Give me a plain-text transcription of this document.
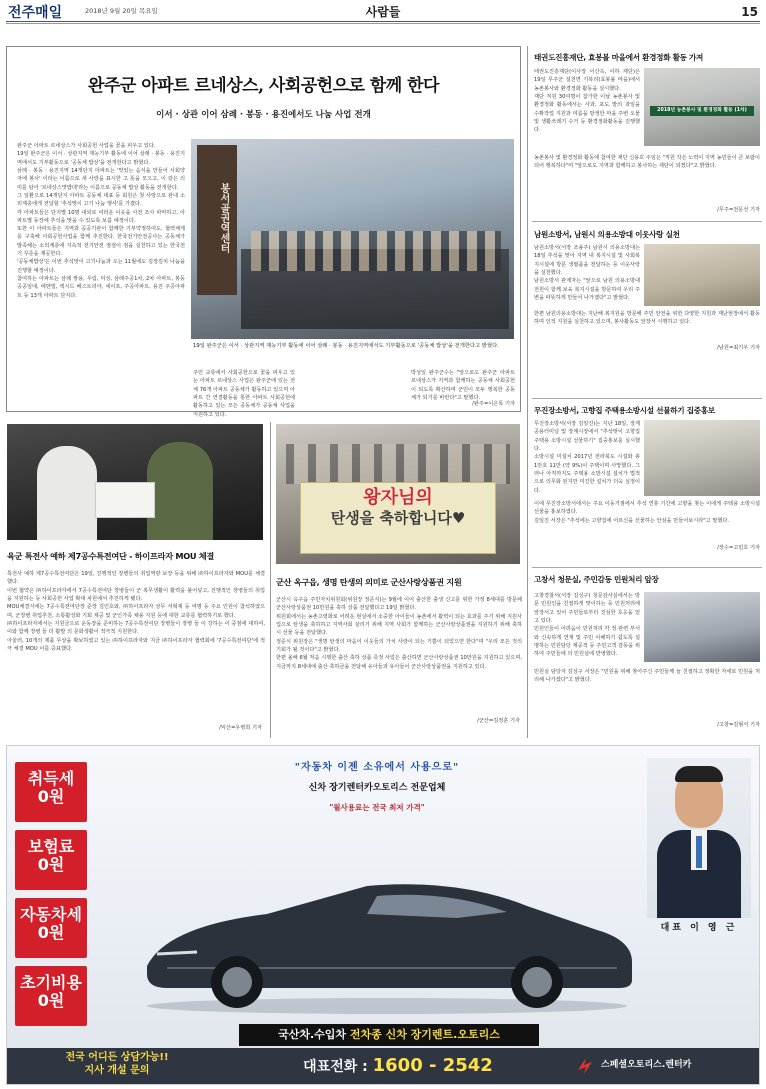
전주매일	2018년 9월 20일 목요일	사람들	15
완주군 아파트 르네상스, 사회공헌으로 함께 한다
이서 · 상관 이어 삼례 · 봉동 · 용진에서도 나눔 사업 전개

완주군 아파트 르네상스가 사회공헌 사업을 꽃을 피우고 있다.

19일 완주군은 이서 · 상관지역 재능기부 활동에 이어 삼례 · 봉동 · 용진지역에서도 기부활동으로 '공동체 밥상'을 전개한다고 밝혔다.

삼례 · 봉동 · 용진지역 14개단지 아파트는 '맛있는 음식을 만들어 사회약자에 봉사' 이라는 이름으로 새 사랑을 표시한 고 뜻을 모으고, 이 같은 의미를 담아 '르네상스맛밥데'라는 이름으로 공동체 밥상 활동을 전개한다.

그 일환으로 14개단지 아파트 공동체 대표 등 회원은 첫 사랑으로 관내 소외계층에게 전달할 '추석맞이 고기 나눔 행사'를 가졌다.

각 아파트들은 단지별 10명 내외로 여러운 이웃을 사전 조사 파악하고, 아파트별 동장에 추석을 맞을 수 있도록 보름 예정이다.

또한 이 아파트들은 지역과 공공기관이 함께한 기부약정하여도, 협력체계를 구축해 사회공헌사업을 함께 추진한다. 한국전기안전공사는 공동체가 발족해는 소외계층에 지속적 전기안전 점검이 점을 실천하고 있는 한국전기 꾸준을 제공한다.

'공동체밥상'은 이번 추석맞이 고기나눔과 오는 11월에도 김장김치 나눔을 진행할 예정이다.

참여하는 아파트는 삼례 쌍용, 우림, 미성, 삼례주공1차, 2차 아파트, 봉동 공공임대, 에덴빌, 엑시드 베스트리아, 세이프, 주공아파트, 용진 주공아파트 등 13개 아파트 단지다.

봉서골권역센터
19일 완주군은 이서 · 상관지역 재능기부 활동에 이어 삼례 · 봉동 · 용진지역에서도 기부활동으로 '공동체 밥상'을 전개한다고 밝혔다.

주민 교류에서 사회공헌으로 꽃을 피우고 있는 아파트 르네상스 사업은 완주군에 있는 전체 76개 아파트 공동체가 활동하고 있으며 아파트 간 연결활동을 통한 아파트 사회공헌에 활동하고 있는 모든 공동체가 공동체 사업을 지원하고 있다.

박성일 완주군수는 "앞으로도 완주군 아파트 르네상스가 지역과 함께하는 공동체 사회공헌이 되도록 확산하며 군민이 모두 행복한 공동체가 되기를 바란다"고 말했다.

/완주=이은목 기자
태권도진흥재단, 효봉볼 마을에서 환경정화 활동 가져
2018년 농촌봉사 및 환경정화 활동 (1차)

태권도진흥재단(이사장 이산옥, 이하 재단)은 19일 무주군 설천면 기북리(효봉볼 마을)에서 농촌봉사와 환경정화 활동을 실시했다.

재단 직원 30여명이 참가한 이날 농촌봉사 및 환경정화 활동에서는 사과, 포도 밭의 과일을 수확작업 지원과 여름을 방생한 마을 주변 오물 및 생활쓰레기 수거 등 환경정화활동을 진행했다.

농촌봉사 및 환경정화 활동에 참여한 재단 신용호 주임은 "직원 작은 노력이 지역 농민들이 큰 보람이 되어 행복하다"며 "앞으로도 지역과 함께하고 봉사하는 재단이 되겠다"고 밝혔다.

/무주=전문선 기자
남원소방서, 남원시 의용소방대 이웃사랑 실천

남원소방서(서장 조용주) 남원시 의용소방대는 18일 추석을 맞아 지역 내 복지시설 및 사회복지시설에 방문 생필품을 전달하는 등 이웃사랑을 실천했다.

남원소방서 관계자는 "앞으로 남원 의용소방대 전원이 함께 보육 복지시설을 방문하여 우리 주변을 따뜻하게 만들어 나가겠다"고 밝혔다.

한편 남원의용소방대는 지난해 복지원을 방문해 주민 안전을 위한 다양한 지원과 재난현장에서 활동하며 인적 지원을 실천하고 있으며, 봉사활동도 앞장서 시행하고 있다.

/남원=최기우 기자
무진장소방서, 고향집 주택용소방시설 선물하기 집중홍보

무진장소방서(서장 김일진)는 지난 18일, 장계공용터미널 및 장계시장에서 "추석맞이 고향집 주택용 소방시설 선물하기" 집중홍보를 실시했다.

소방시설 미설치 2017년 전라북도 시설화 총 1만호 11만 (약 9%)이 주택이며 사망했다. 그러나 아직까지도 주택용 소방시설 설치가 법적으로 의무화 된지만 미진한 설치가 더욱 실정이다.

이에 무진장소방서에서는 주요 이동거점에서 추석 연휴 기간에 고향을 찾는 이에게 주택용 소방시설 선물을 홍보하였다.

김일진 서장은 "추석에는 고향집에 어르신을 선물하는 안심을 만들어보시라"고 말했다.

/장수=고민호 기자
고창서 청문실, 주민감동 민원처리 앞장

고창경찰서(서장 김성구) 청문감사실에서는 방문 민원인을 친절하게 맞이하는 등 민원처리에 앞장서고 있어 주민들로부터 진심한 호응을 얻고 있다.

민원인들이 어려움이 민원처리 각 정 관련 부서와 신속하게 연계 및 주민 이해하기 쉽도록 설명하는 민원담당 제공적 등 주민고객 감동을 위하여 주민들에 의 민원실에 반영했다.

민원실 담당자 김성구 서장은 "민원을 위해 찾아주신 주민들께 늘 친절하고 정확한 자세로 민원을 처리해 나가겠다"고 밝혔다.

/고창=김형식 기자
육군 특전사 예하 제7공수특전여단 - 하이프라자 MOU 체결

특전사 예하 제7공수특전여단은 19일, 진행적인 장병들의 취업역량 보장 등을 위해 ㈜하이프라자와 MOU를 체결했다.

이번 협약은 ㈜하이프라자에서 7공수특전여단 장병들이 군 복무생활이 활력을 불어넣고, 진행적인 장병들의 취업을 지원하는 등 사회공헌 사업 확대 차원에서 추진하게 됐다.

MOU체결식에는 7공수특전여단장 준장 김인호와, ㈜하이프라자 상무 서혁재 등 여명 등 주요 인원이 참석하였으며, 군장병 취업추천, 소통활성화 기회 제공 및 군인가족 채용 지원 등에 대한 교류를 협력하기로 했다.

㈜하이프라자에서는 지원금으로 운동장을 준비하는 7공수특전여단 장병들이 장병 들 이 강하는 이 중점에 대하여, 이와 함께 장병 들 더 활발 의 문화생활이 적극적 지원한다.

아울러, 10개의 제품 무상을 확보하였고 있는 ㈜하이프라자와 지금 ㈜하이프라자 협력회에 '7공수특전여단'에 적극 체결 MOU 이를 증표했다.

/익산=우병희 기자
왕자님의
탄생을 축하합니다♥
군산 옥구읍, 생명 탄생의 의미로 군산사랑상품권 지원

군산시 옥구읍 주민자치위원회(위원장 정준식)는 9월에 이어 출산한 출생 신고를 위한 가정 8세대를 방문해 군산사랑상품권 10만원을 축하 상품 전달했다고 19일 밝혔다.

위원회에서는 농촌고령화로 어려운 현실에서 소중한 아이들이 농촌에서 활력이 되는 효과를 주기 위해 지원사업으로 탄생을 축하하고 지역사회 살리기 위해 지역 사회가 함께하는 군산사랑상품권을 지원하기 위해 축하 시 선물 등을 전달했다.

정준식 위원장은 "생명 탄생의 마음이 이웃들의 가치 사랑이 되는 기쁨이 되었으면 한다"며 "우리 모든 것의 기회가 될 것이다"고 밝혔다.

한편 올해 6월 처음 시행한 출산 축하 상품 증정 사업은 출산하면 군산사랑상품권 10만원을 지원하고 있으며, 지금까지 8세대에 출산 축하금을 전달해 유아들과 유아들이 군산사랑상품권을 지원하고 있다.

/군산=김정훈 기자
취득세
0원
보험료
0원
자동차세
0원
초기비용
0원
"자동차 이젠 소유에서 사용으로"
신차 장기렌터카오토리스 전문업체
"월사용료는 전국 최저 가격"
대표 이 영 근
국산차.수입차 전차종 신차 장기렌트.오토리스
전국 어디든 상담가능!!
지사 개설 문의	대표전화 : 1600 - 2542	스페셜오토리스.렌터카
